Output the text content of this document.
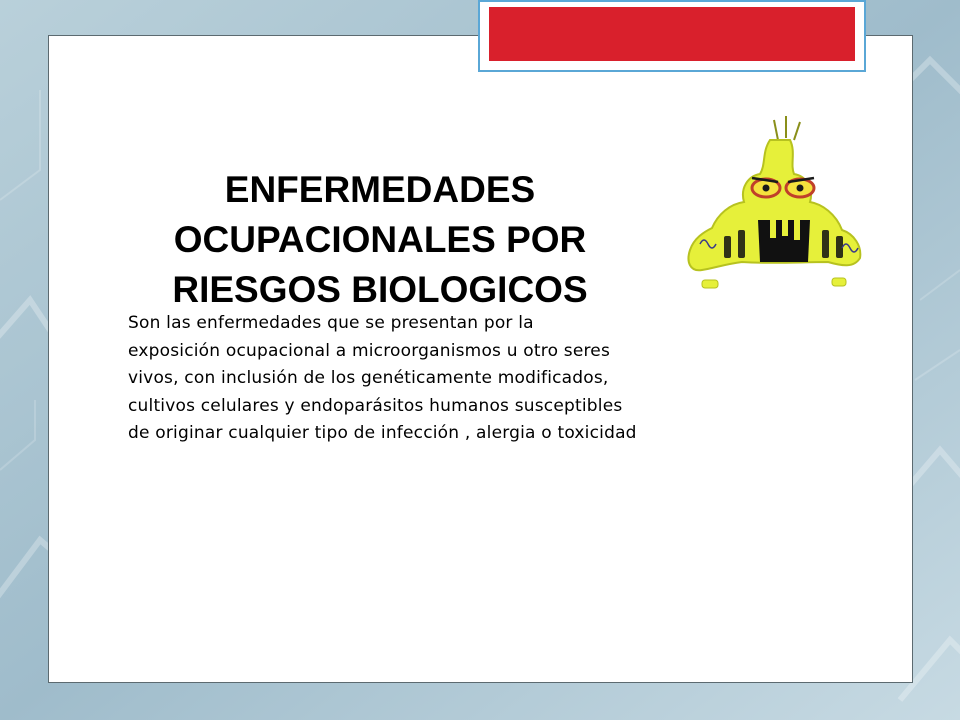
ENFERMEDADES
OCUPACIONALES POR
RIESGOS BIOLOGICOS

Son las enfermedades que se presentan por la
exposición ocupacional a microorganismos u otro seres
vivos, con inclusión de los genéticamente modificados,
cultivos celulares y endoparásitos humanos susceptibles
de originar cualquier tipo de infección , alergia o toxicidad
